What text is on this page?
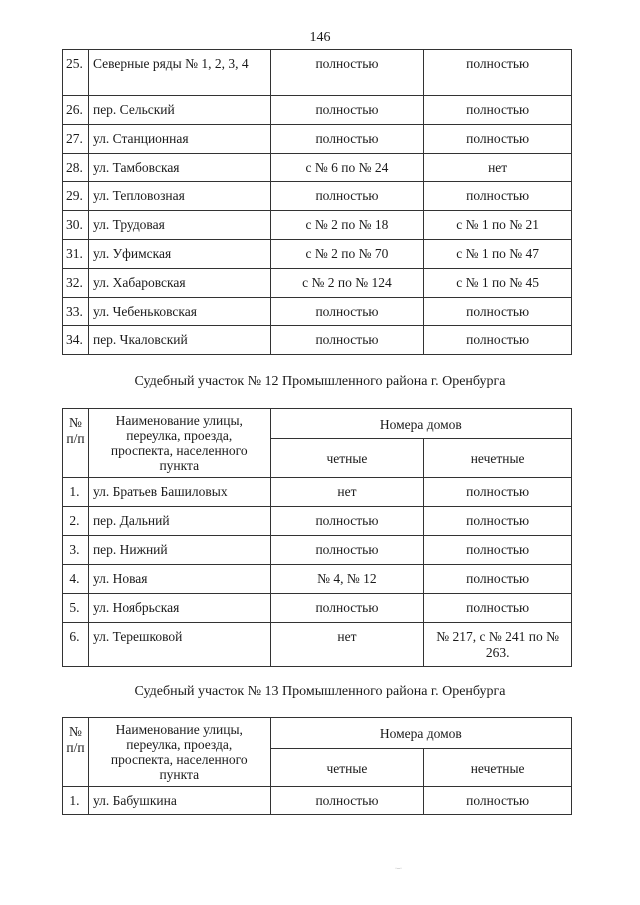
146
25.	Северные ряды № 1, 2, 3, 4	полностью	полностью
26.	пер. Сельский	полностью	полностью
27.	ул. Станционная	полностью	полностью
28.	ул. Тамбовская	с № 6 по № 24	нет
29.	ул. Тепловозная	полностью	полностью
30.	ул. Трудовая	с № 2 по № 18	с № 1 по № 21
31.	ул. Уфимская	с № 2 по № 70	с № 1 по № 47
32.	ул. Хабаровская	с № 2 по № 124	с № 1 по № 45
33.	ул. Чебеньковская	полностью	полностью
34.	пер. Чкаловский	полностью	полностью
Судебный участок № 12 Промышленного района г. Оренбурга
№ п/п	Наименование улицы, переулка, проезда, проспекта, населенного пункта	Номера домов	
		четные	нечетные
1.	ул. Братьев Башиловых	нет	полностью
2.	пер. Дальний	полностью	полностью
3.	пер. Нижний	полностью	полностью
4.	ул. Новая	№ 4, № 12	полностью
5.	ул. Ноябрьская	полностью	полностью
6.	ул. Терешковой	нет	№ 217, с № 241 по № 263.
Судебный участок № 13 Промышленного района г. Оренбурга
№ п/п	Наименование улицы, переулка, проезда, проспекта, населенного пункта	Номера домов	
		четные	нечетные
1.	ул. Бабушкина	полностью	полностью
·–·
